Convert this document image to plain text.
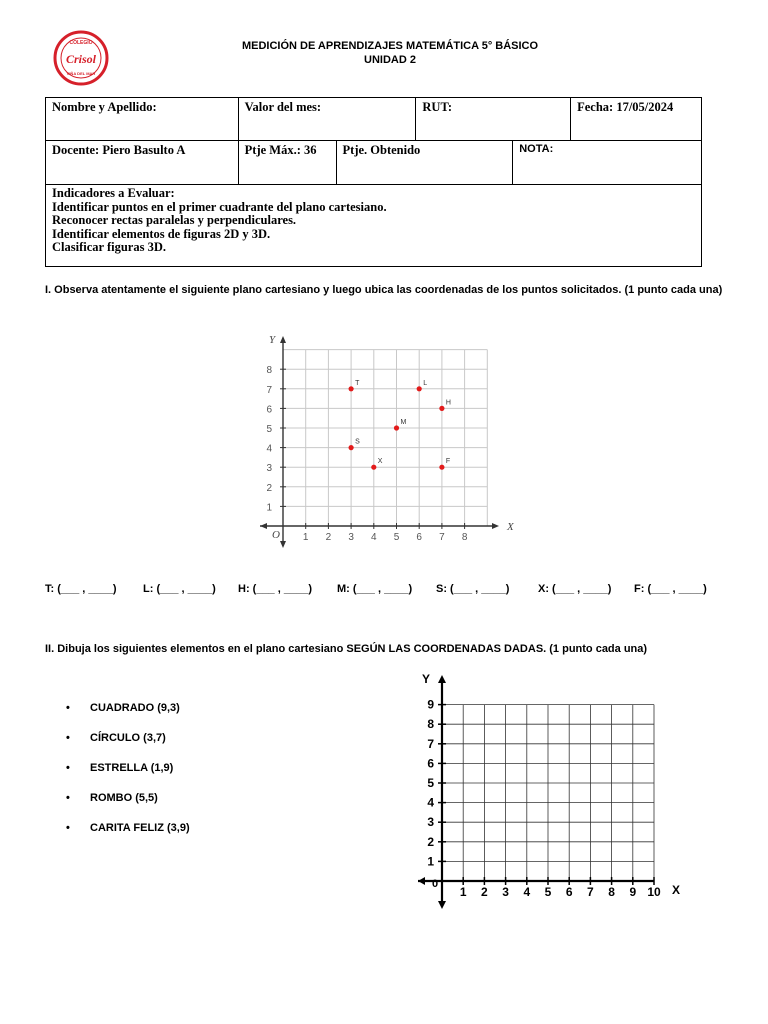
COLEGIO
Crisol
VIÑA DEL MAR
MEDICIÓN DE APRENDIZAJES MATEMÁTICA 5° BÁSICO
UNIDAD 2
Nombre y Apellido:	Valor del mes:		RUT:		Fecha: 17/05/2024
Docente: Piero Basulto A	Ptje Máx.: 36	Ptje. Obtenido		NOTA:	

Indicadores a Evaluar:
Identificar puntos en el primer cuadrante del plano cartesiano.
Reconocer rectas paralelas y perpendiculares.
Identificar elementos de figuras 2D y 3D.
Clasificar figuras 3D.					
I. Observa atentamente el siguiente plano cartesiano y luego ubica las coordenadas de los puntos solicitados. (1 punto cada una)
X
Y
O 1 2 3 4 5 6 7 8
1
2
3
4
5
6
7
8
T	L
H
M
S
X	F
T: (___ , ____) L: (___ , ____) H: (___ , ____) M: (___ , ____) S: (___ , ____)	X: (___ , ____) F: (___ , ____)
II. Dibuja los siguientes elementos en el plano cartesiano SEGÚN LAS COORDENADAS DADAS. (1 punto cada una)
• CUADRADO (9,3)
• CÍRCULO (3,7)
• ESTRELLA (1,9)
• ROMBO (5,5)
• CARITA FELIZ (3,9)
X
Y
0
1 2 3 4 5 6 7 8 9 10
1
2
3
4
5
6
7
8
9
